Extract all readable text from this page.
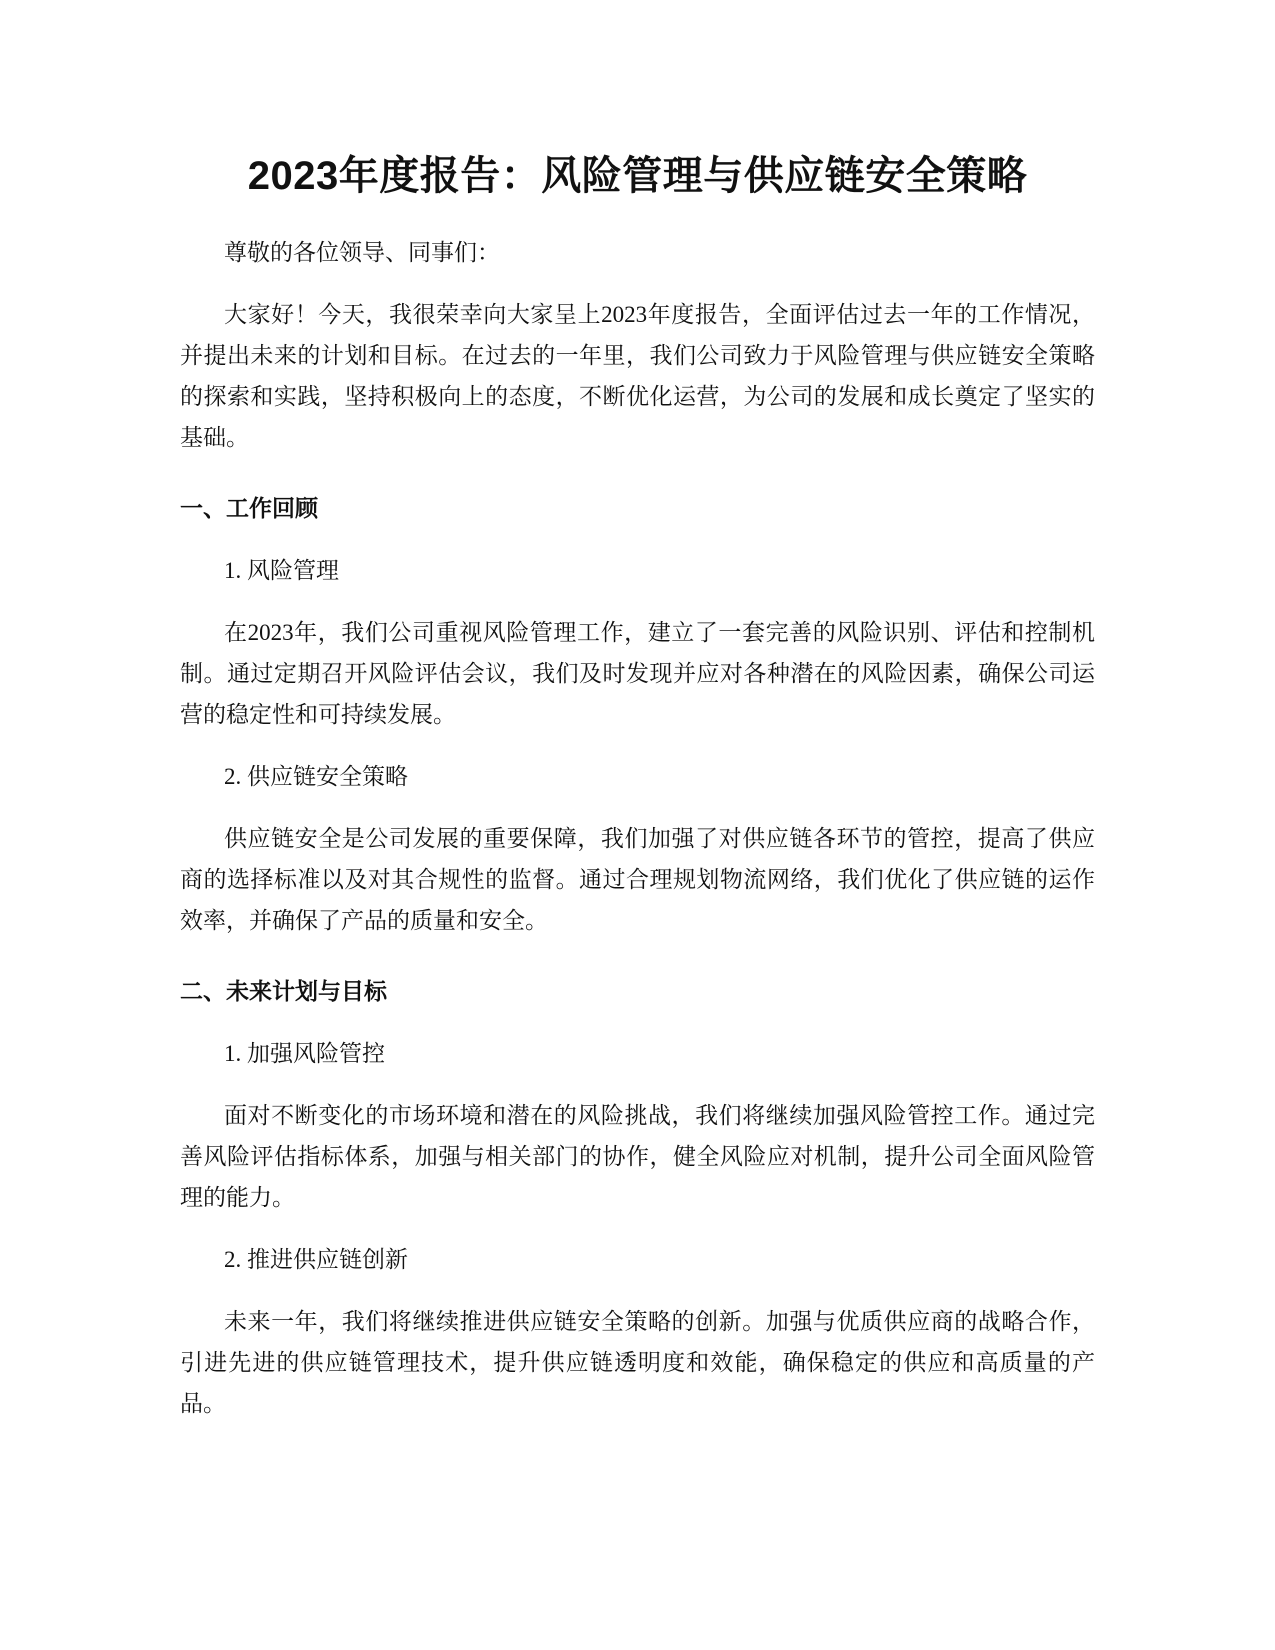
2023年度报告：风险管理与供应链安全策略

尊敬的各位领导、同事们：

大家好！今天，我很荣幸向大家呈上2023年度报告，全面评估过去一年的工作情况，并提出未来的计划和目标。在过去的一年里，我们公司致力于风险管理与供应链安全策略的探索和实践，坚持积极向上的态度，不断优化运营，为公司的发展和成长奠定了坚实的基础。

一、工作回顾

1. 风险管理

在2023年，我们公司重视风险管理工作，建立了一套完善的风险识别、评估和控制机制。通过定期召开风险评估会议，我们及时发现并应对各种潜在的风险因素，确保公司运营的稳定性和可持续发展。

2. 供应链安全策略

供应链安全是公司发展的重要保障，我们加强了对供应链各环节的管控，提高了供应商的选择标准以及对其合规性的监督。通过合理规划物流网络，我们优化了供应链的运作效率，并确保了产品的质量和安全。

二、未来计划与目标

1. 加强风险管控

面对不断变化的市场环境和潜在的风险挑战，我们将继续加强风险管控工作。通过完善风险评估指标体系，加强与相关部门的协作，健全风险应对机制，提升公司全面风险管理的能力。

2. 推进供应链创新

未来一年，我们将继续推进供应链安全策略的创新。加强与优质供应商的战略合作，引进先进的供应链管理技术，提升供应链透明度和效能，确保稳定的供应和高质量的产品。
